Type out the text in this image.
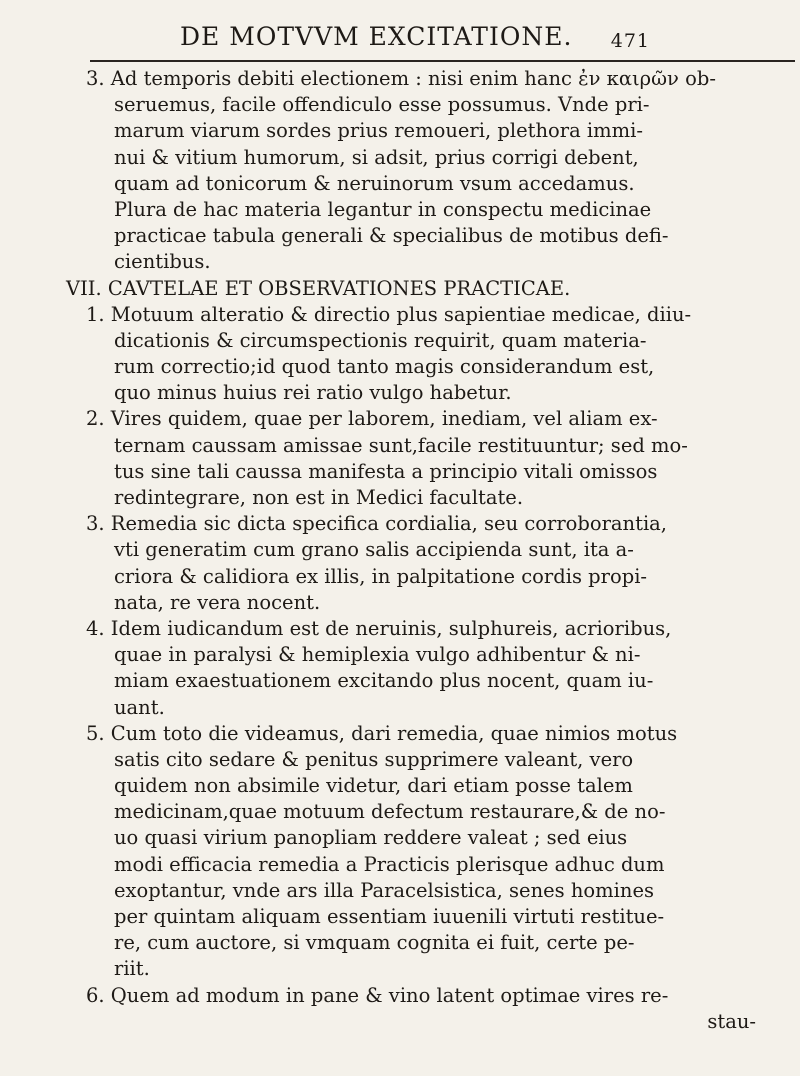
DE MOTVVM EXCITATIONE. 471
3. Ad temporis debiti electionem : nisi enim hanc ἐν καιρῶν ob-
seruemus, facile offendiculo esse possumus. Vnde pri-
marum viarum sordes prius remoueri, plethora immi-
nui & vitium humorum, si adsit, prius corrigi debent,
quam ad tonicorum & neruinorum vsum accedamus.
Plura de hac materia legantur in conspectu medicinae
practicae tabula generali & specialibus de motibus defi-
cientibus.
VII. CAVTELAE ET OBSERVATIONES PRACTICAE.
1. Motuum alteratio & directio plus sapientiae medicae, diiu-
dicationis & circumspectionis requirit, quam materia-
rum correctio;id quod tanto magis considerandum est,
quo minus huius rei ratio vulgo habetur.
2. Vires quidem, quae per laborem, inediam, vel aliam ex-
ternam caussam amissae sunt,facile restituuntur; sed mo-
tus sine tali caussa manifesta a principio vitali omissos
redintegrare, non est in Medici facultate.
3. Remedia sic dicta specifica cordialia, seu corroborantia,
vti generatim cum grano salis accipienda sunt, ita a-
criora & calidiora ex illis, in palpitatione cordis propi-
nata, re vera nocent.
4. Idem iudicandum est de neruinis, sulphureis, acrioribus,
quae in paralysi & hemiplexia vulgo adhibentur & ni-
miam exaestuationem excitando plus nocent, quam iu-
uant.
5. Cum toto die videamus, dari remedia, quae nimios motus
satis cito sedare & penitus supprimere valeant, vero
quidem non absimile videtur, dari etiam posse talem
medicinam,quae motuum defectum restaurare,& de no-
uo quasi virium panopliam reddere valeat ; sed eius
modi efficacia remedia a Practicis plerisque adhuc dum
exoptantur, vnde ars illa Paracelsistica, senes homines
per quintam aliquam essentiam iuuenili virtuti restitue-
re, cum auctore, si vmquam cognita ei fuit, certe pe-
riit.
6. Quem ad modum in pane & vino latent optimae vires re-
stau-
